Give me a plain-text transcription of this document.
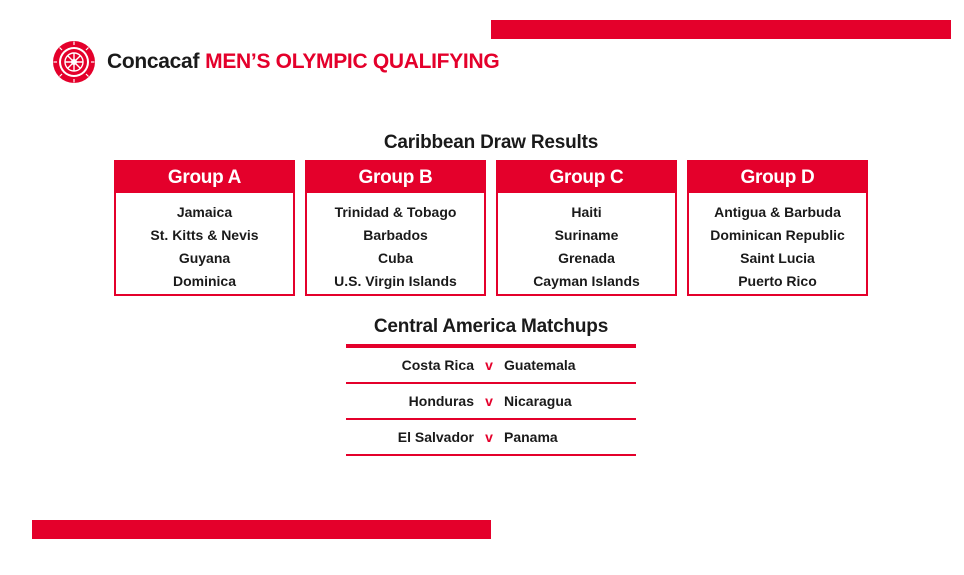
Concacaf MEN’S OLYMPIC QUALIFYING
Caribbean Draw Results
Group A
Jamaica
St. Kitts & Nevis
Guyana
Dominica
Group B
Trinidad & Tobago
Barbados
Cuba
U.S. Virgin Islands
Group C
Haiti
Suriname
Grenada
Cayman Islands
Group D
Antigua & Barbuda
Dominican Republic
Saint Lucia
Puerto Rico
Central America Matchups
Costa Rica v Guatemala
Honduras v Nicaragua
El Salvador v Panama
